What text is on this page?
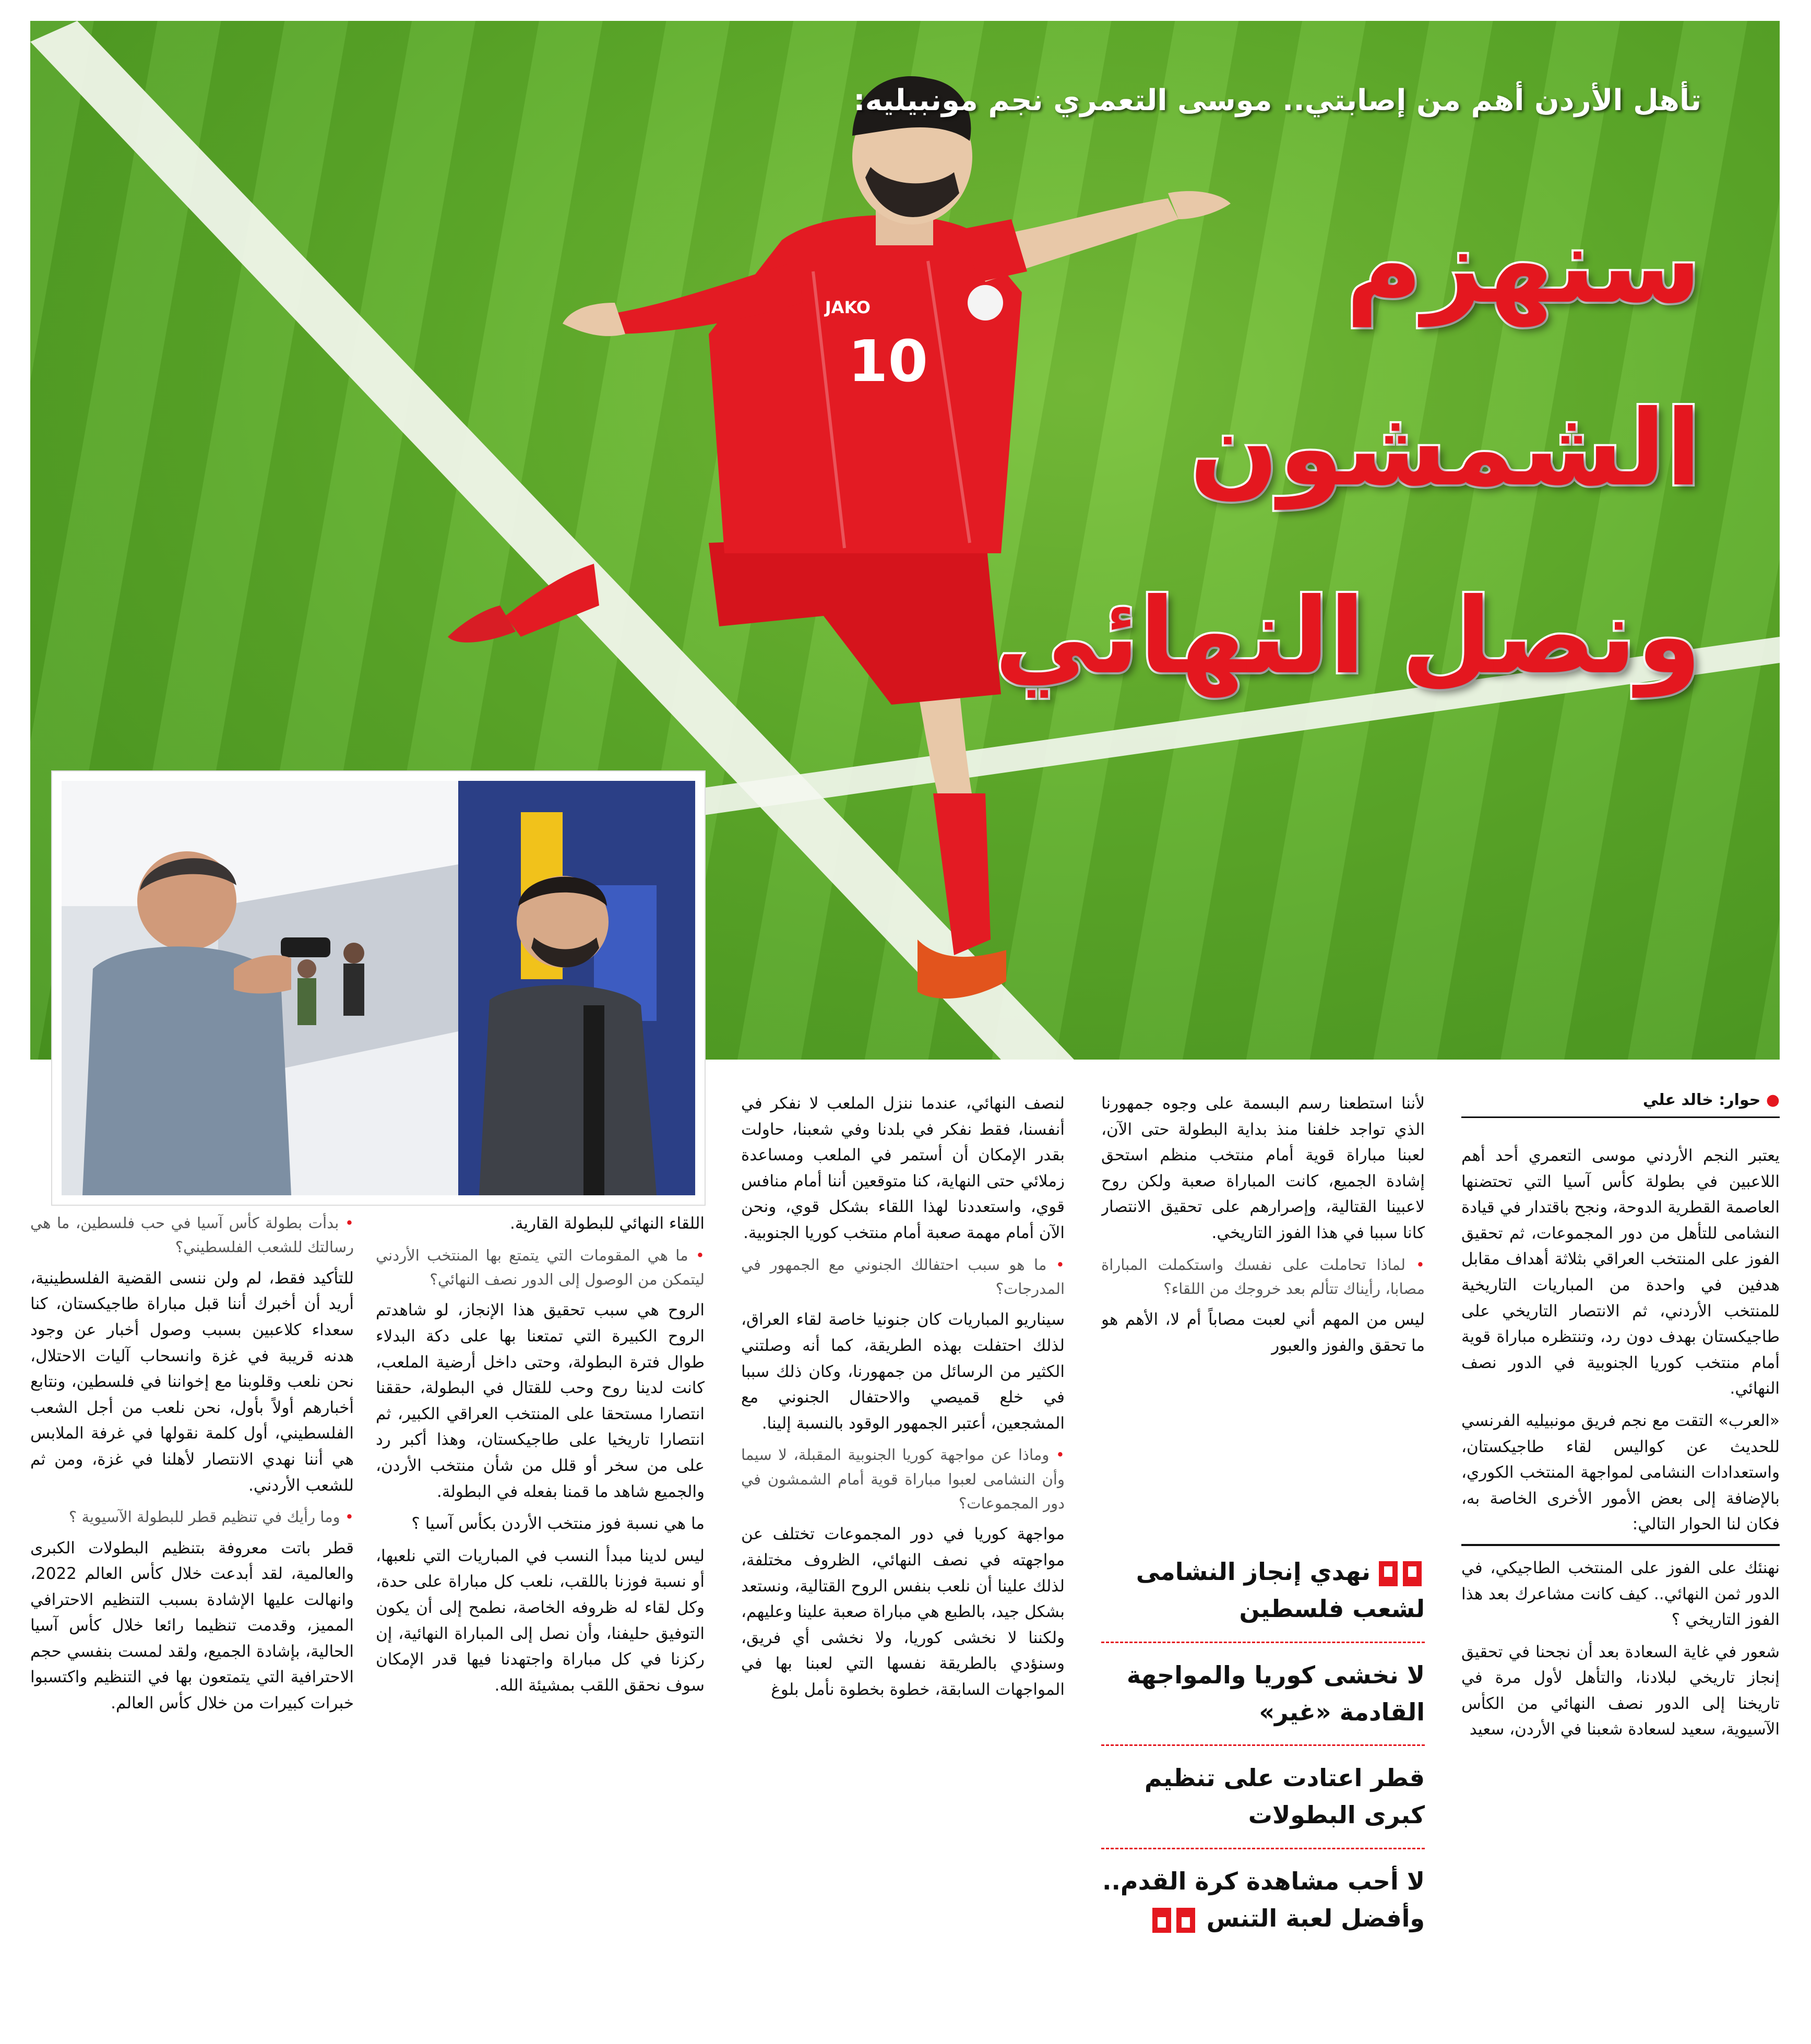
10
JAKO
تأهل الأردن أهم من إصابتي.. موسى التعمري نجم مونبيليه:
سنهزم
الشمشون
ونصل النهائي
● حوار: خالد علي

يعتبر النجم الأردني موسى التعمري أحد أهم اللاعبين في بطولة كأس آسيا التي تحتضنها العاصمة القطرية الدوحة، ونجح باقتدار في قيادة النشامى للتأهل من دور المجموعات، ثم تحقيق الفوز على المنتخب العراقي بثلاثة أهداف مقابل هدفين في واحدة من المباريات التاريخية للمنتخب الأردني، ثم الانتصار التاريخي على طاجيكستان بهدف دون رد، وتنتظره مباراة قوية أمام منتخب كوريا الجنوبية في الدور نصف النهائي.

«العرب» التقت مع نجم فريق مونبيليه الفرنسي للحديث عن كواليس لقاء طاجيكستان، واستعدادات النشامى لمواجهة المنتخب الكوري، بالإضافة إلى بعض الأمور الأخرى الخاصة به، فكان لنا الحوار التالي:

نهنئك على الفوز على المنتخب الطاجيكي، في الدور ثمن النهائي.. كيف كانت مشاعرك بعد هذا الفوز التاريخي ؟

شعور في غاية السعادة بعد أن نجحنا في تحقيق إنجاز تاريخي لبلادنا، والتأهل لأول مرة في تاريخنا إلى الدور نصف النهائي من الكأس الآسيوية، سعيد لسعادة شعبنا في الأردن، سعيد

لأننا استطعنا رسم البسمة على وجوه جمهورنا الذي تواجد خلفنا منذ بداية البطولة حتى الآن، لعبنا مباراة قوية أمام منتخب منظم استحق إشادة الجميع، كانت المباراة صعبة ولكن روح لاعبينا القتالية، وإصرارهم على تحقيق الانتصار كانا سببا في هذا الفوز التاريخي.

• لماذا تحاملت على نفسك واستكملت المباراة مصابا، رأيناك تتألم بعد خروجك من اللقاء؟

ليس من المهم أني لعبت مصاباً أم لا، الأهم هو ما تحقق والفوز والعبور

لنصف النهائي، عندما ننزل الملعب لا نفكر في أنفسنا، فقط نفكر في بلدنا وفي شعبنا، حاولت بقدر الإمكان أن أستمر في الملعب ومساعدة زملائي حتى النهاية، كنا متوقعين أننا أمام منافس قوي، واستعددنا لهذا اللقاء بشكل قوي، ونحن الآن أمام مهمة صعبة أمام منتخب كوريا الجنوبية.

• ما هو سبب احتفالك الجنوني مع الجمهور في المدرجات؟

سيناريو المباريات كان جنونيا خاصة لقاء العراق، لذلك احتفلت بهذه الطريقة، كما أنه وصلتني الكثير من الرسائل من جمهورنا، وكان ذلك سببا في خلع قميصي والاحتفال الجنوني مع المشجعين، أعتبر الجمهور الوقود بالنسبة إلينا.

• وماذا عن مواجهة كوريا الجنوبية المقبلة، لا سيما وأن النشامى لعبوا مباراة قوية أمام الشمشون في دور المجموعات؟

مواجهة كوريا في دور المجموعات تختلف عن مواجهته في نصف النهائي، الظروف مختلفة، لذلك علينا أن نلعب بنفس الروح القتالية، ونستعد بشكل جيد، بالطبع هي مباراة صعبة علينا وعليهم، ولكننا لا نخشى كوريا، ولا نخشى أي فريق، وسنؤدي بالطريقة نفسها التي لعبنا بها في المواجهات السابقة، خطوة بخطوة نأمل بلوغ

اللقاء النهائي للبطولة القارية.

• ما هي المقومات التي يتمتع بها المنتخب الأردني ليتمكن من الوصول إلى الدور نصف النهائي؟

الروح هي سبب تحقيق هذا الإنجاز، لو شاهدتم الروح الكبيرة التي تمتعنا بها على دكة البدلاء طوال فترة البطولة، وحتى داخل أرضية الملعب، كانت لدينا روح وحب للقتال في البطولة، حققنا انتصارا مستحقا على المنتخب العراقي الكبير، ثم انتصارا تاريخيا على طاجيكستان، وهذا أكبر رد على من سخر أو قلل من شأن منتخب الأردن، والجميع شاهد ما قمنا بفعله في البطولة.

ما هي نسبة فوز منتخب الأردن بكأس آسيا ؟

ليس لدينا مبدأ النسب في المباريات التي نلعبها، أو نسبة فوزنا باللقب، نلعب كل مباراة على حدة، وكل لقاء له ظروفه الخاصة، نطمح إلى أن يكون التوفيق حليفنا، وأن نصل إلى المباراة النهائية، إن ركزنا في كل مباراة واجتهدنا فيها قدر الإمكان سوف نحقق اللقب بمشيئة الله.

• بدأت بطولة كأس آسيا في حب فلسطين، ما هي رسالتك للشعب الفلسطيني؟

للتأكيد فقط، لم ولن ننسى القضية الفلسطينية، أريد أن أخبرك أننا قبل مباراة طاجيكستان، كنا سعداء كلاعبين بسبب وصول أخبار عن وجود هدنه قريبة في غزة وانسحاب آليات الاحتلال، نحن نلعب وقلوبنا مع إخواننا في فلسطين، ونتابع أخبارهم أولاً بأول، نحن نلعب من أجل الشعب الفلسطيني، أول كلمة نقولها في غرفة الملابس هي أننا نهدي الانتصار لأهلنا في غزة، ومن ثم للشعب الأردني.

• وما رأيك في تنظيم قطر للبطولة الآسيوية ؟

قطر باتت معروفة بتنظيم البطولات الكبرى والعالمية، لقد أبدعت خلال كأس العالم 2022، وانهالت عليها الإشادة بسبب التنظيم الاحترافي المميز، وقدمت تنظيما رائعا خلال كأس آسيا الحالية، بإشادة الجميع، ولقد لمست بنفسي حجم الاحترافية التي يتمتعون بها في التنظيم واكتسبوا خبرات كبيرات من خلال كأس العالم.

نهدي إنجاز النشامى لشعب فلسطين
لا نخشى كوريا والمواجهة القادمة «غير»
قطر اعتادت على تنظيم كبرى البطولات
لا أحب مشاهدة كرة القدم.. وأفضل لعبة التنس
